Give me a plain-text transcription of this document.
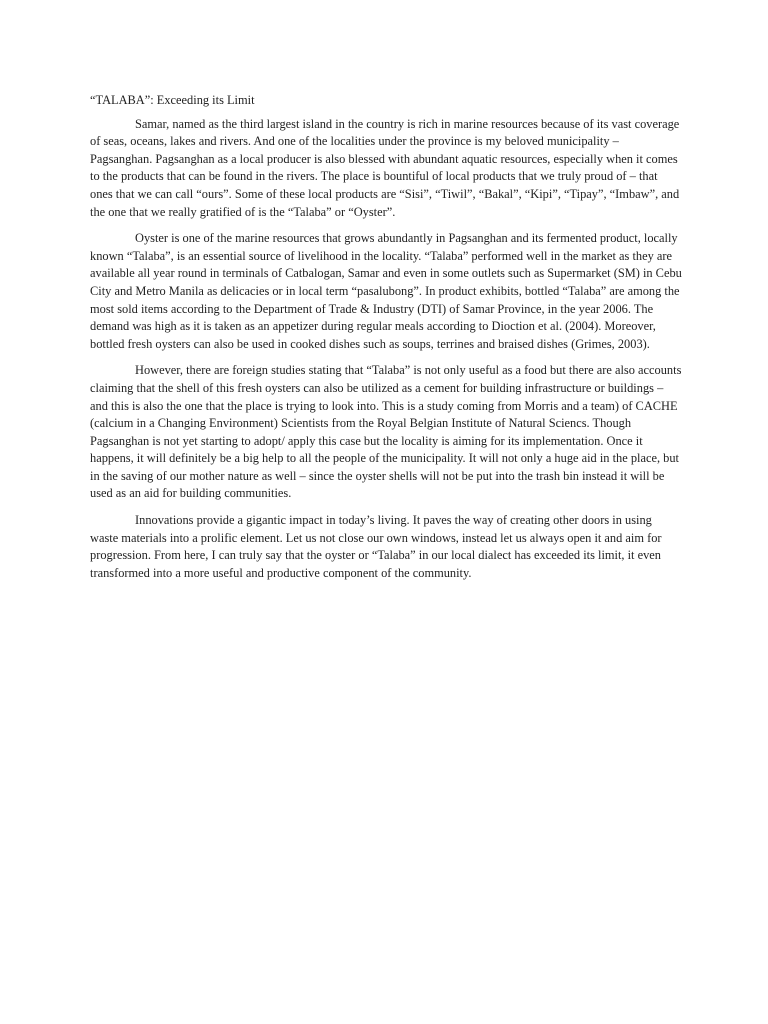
“TALABA”: Exceeding its Limit

Samar, named as the third largest island in the country is rich in marine resources because of its vast coverage of seas, oceans, lakes and rivers. And one of the localities under the province is my beloved municipality – Pagsanghan. Pagsanghan as a local producer is also blessed with abundant aquatic resources, especially when it comes to the products that can be found in the rivers. The place is bountiful of local products that we truly proud of – that ones that we can call “ours”. Some of these local products are “Sisi”, “Tiwil”, “Bakal”, “Kipi”, “Tipay”, “Imbaw”, and the one that we really gratified of is the “Talaba” or “Oyster”.

Oyster is one of the marine resources that grows abundantly in Pagsanghan and its fermented product, locally known “Talaba”, is an essential source of livelihood in the locality. “Talaba” performed well in the market as they are available all year round in terminals of Catbalogan, Samar and even in some outlets such as Supermarket (SM) in Cebu City and Metro Manila as delicacies or in local term “pasalubong”. In product exhibits, bottled “Talaba” are among the most sold items according to the Department of Trade & Industry (DTI) of Samar Province, in the year 2006. The demand was high as it is taken as an appetizer during regular meals according to Dioction et al. (2004). Moreover, bottled fresh oysters can also be used in cooked dishes such as soups, terrines and braised dishes (Grimes, 2003).

However, there are foreign studies stating that “Talaba” is not only useful as a food but there are also accounts claiming that the shell of this fresh oysters can also be utilized as a cement for building infrastructure or buildings – and this is also the one that the place is trying to look into. This is a study coming from Morris and a team) of CACHE (calcium in a Changing Environment) Scientists from the Royal Belgian Institute of Natural Sciencs. Though Pagsanghan is not yet starting to adopt/ apply this case but the locality is aiming for its implementation. Once it happens, it will definitely be a big help to all the people of the municipality. It will not only a huge aid in the place, but in the saving of our mother nature as well – since the oyster shells will not be put into the trash bin instead it will be used as an aid for building communities.

Innovations provide a gigantic impact in today’s living. It paves the way of creating other doors in using waste materials into a prolific element. Let us not close our own windows, instead let us always open it and aim for progression. From here, I can truly say that the oyster or “Talaba” in our local dialect has exceeded its limit, it even transformed into a more useful and productive component of the community.
